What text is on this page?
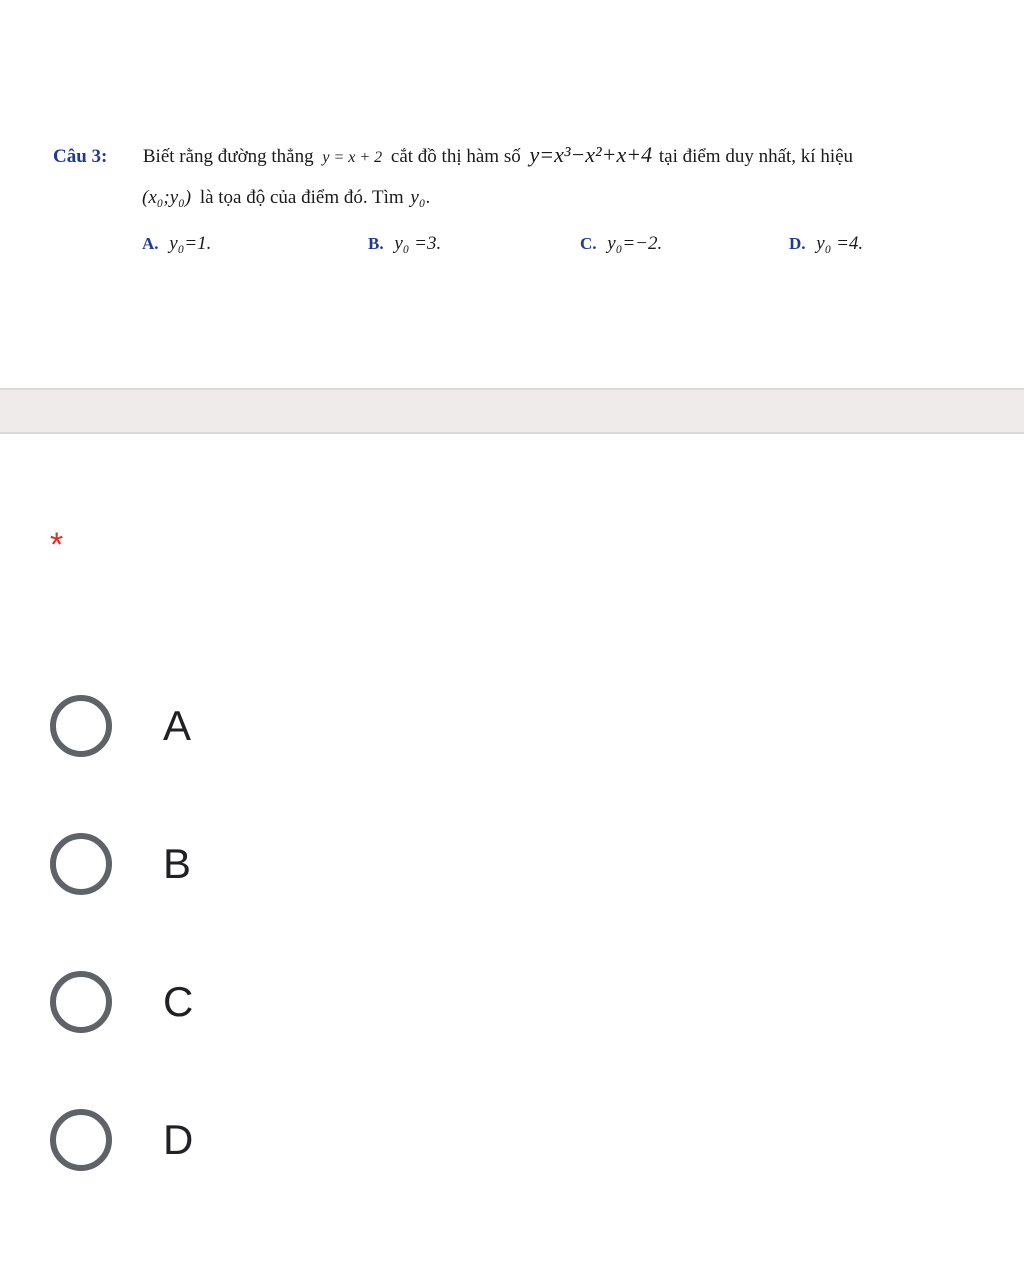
Câu 3: Biết rằng đường thẳng y = x + 2 cắt đồ thị hàm số y=x³−x²+x+4 tại điểm duy nhất, kí hiệu
(x₀;y₀) là tọa độ của điểm đó. Tìm y₀.
A. y₀=1.	B. y₀ =3.	C. y₀=−2.	D. y₀ =4.
*
A
B
C
D
